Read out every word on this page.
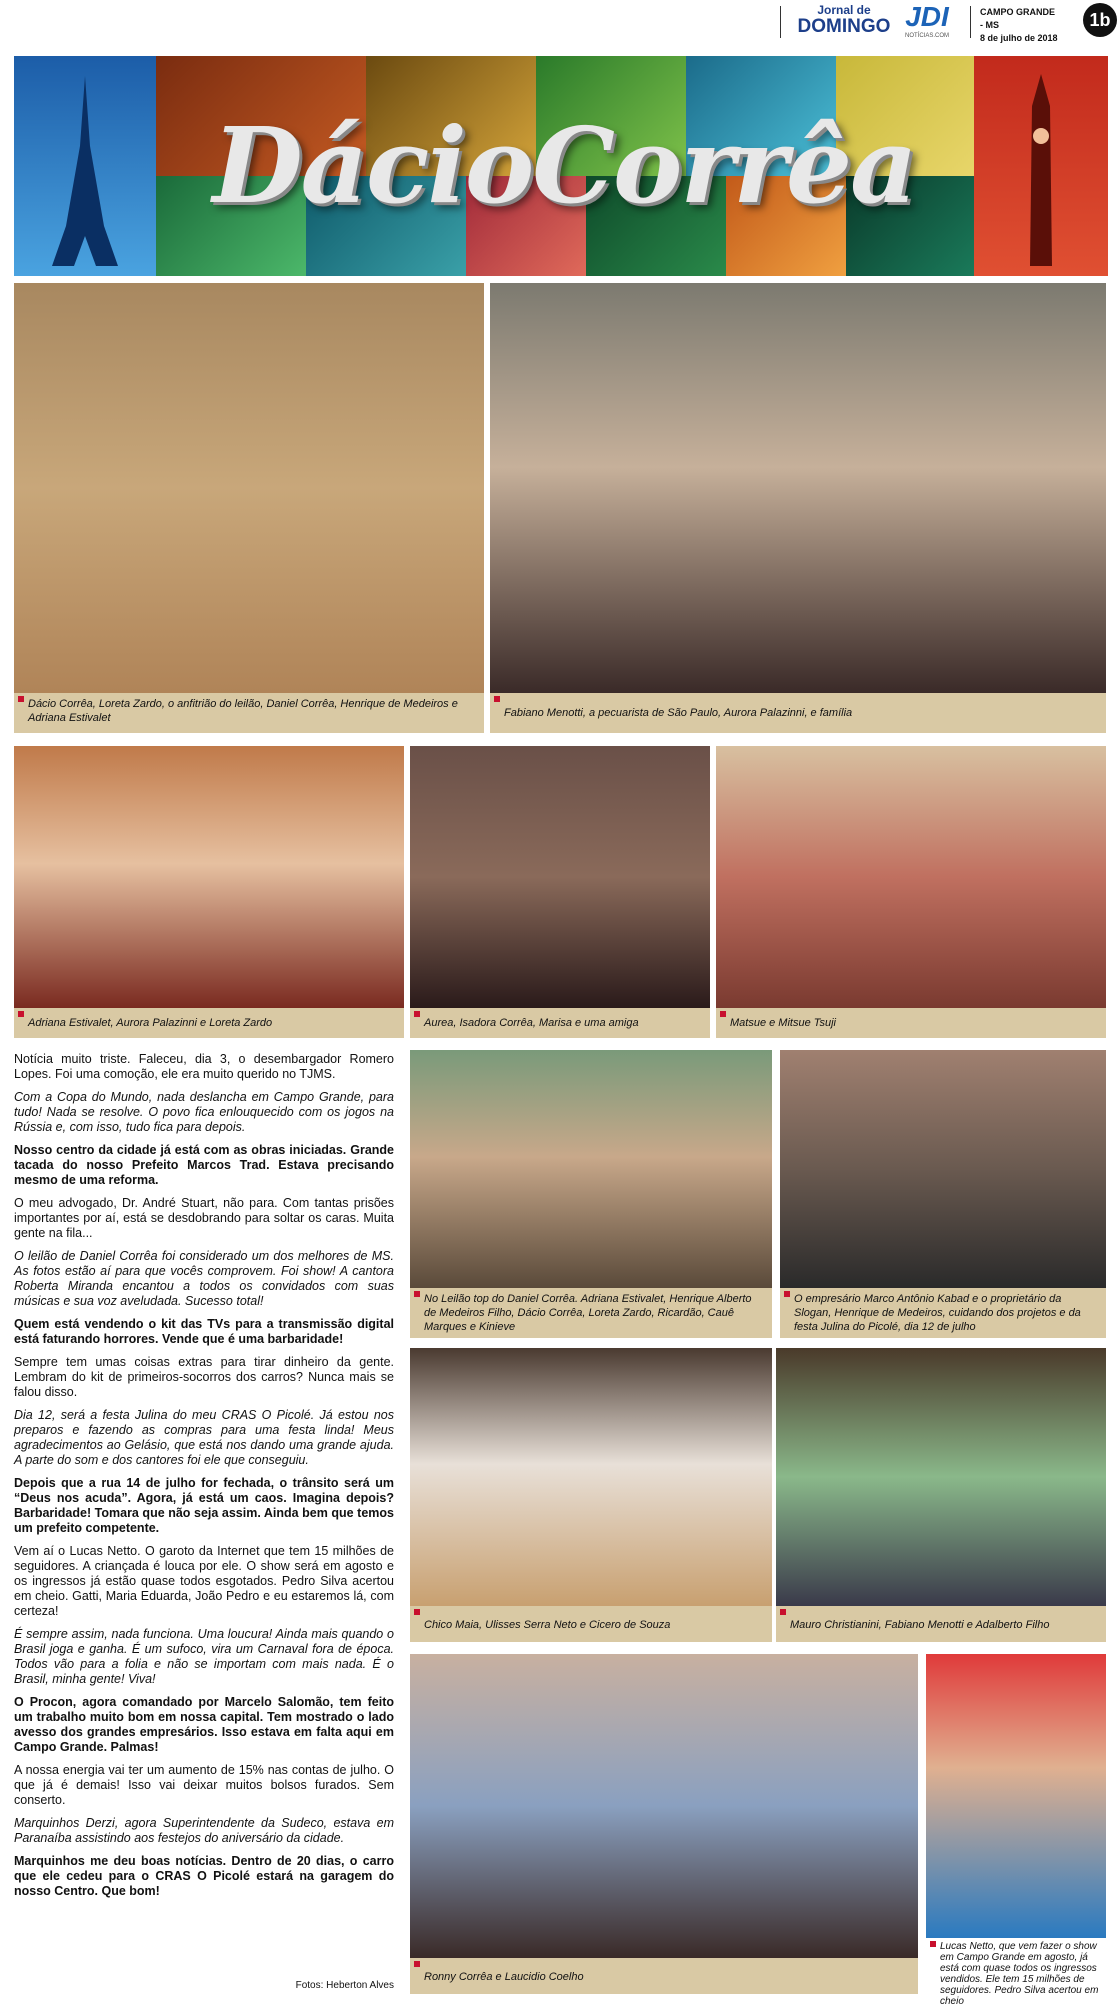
Jornal de
DOMINGO JDI
NOTÍCIAS.COM
CAMPO GRANDE - MS
8 de julho de 2018
1b
DácioCorrêa
Dácio Corrêa, Loreta Zardo, o anfitrião do leilão, Daniel Corrêa, Henrique de Medeiros e Adriana Estivalet	Fabiano Menotti, a pecuarista de São Paulo, Aurora Palazinni, e família
Adriana Estivalet, Aurora Palazinni e Loreta Zardo	Aurea, Isadora Corrêa, Marisa e uma amiga	Matsue e Mitsue Tsuji
No Leilão top do Daniel Corrêa. Adriana Estivalet, Henrique Alberto de Medeiros Filho, Dácio Corrêa, Loreta Zardo, Ricardão, Cauê Marques e Kinieve
O empresário Marco Antônio Kabad e o proprietário da Slogan, Henrique de Medeiros, cuidando dos projetos e da festa Julina do Picolé, dia 12 de julho
Chico Maia, Ulisses Serra Neto e Cicero de Souza	Mauro Christianini, Fabiano Menotti e Adalberto Filho
Ronny Corrêa e Laucidio Coelho
Lucas Netto, que vem fazer o show em Campo Grande em agosto, já está com quase todos os ingressos vendidos. Ele tem 15 milhões de seguidores. Pedro Silva acertou em cheio

Notícia muito triste. Faleceu, dia 3, o desembargador Romero Lopes. Foi uma comoção, ele era muito querido no TJMS.

Com a Copa do Mundo, nada deslancha em Campo Grande, para tudo! Nada se resolve. O povo fica enlouquecido com os jogos na Rússia e, com isso, tudo fica para depois.

Nosso centro da cidade já está com as obras iniciadas. Grande tacada do nosso Prefeito Marcos Trad. Estava precisando mesmo de uma reforma.

O meu advogado, Dr. André Stuart, não para. Com tantas prisões importantes por aí, está se desdobrando para soltar os caras. Muita gente na fila...

O leilão de Daniel Corrêa foi considerado um dos melhores de MS. As fotos estão aí para que vocês comprovem. Foi show! A cantora Roberta Miranda encantou a todos os convidados com suas músicas e sua voz aveludada. Sucesso total!

Quem está vendendo o kit das TVs para a transmissão digital está faturando horrores. Vende que é uma barbaridade!

Sempre tem umas coisas extras para tirar dinheiro da gente. Lembram do kit de primeiros-socorros dos carros? Nunca mais se falou disso.

Dia 12, será a festa Julina do meu CRAS O Picolé. Já estou nos preparos e fazendo as compras para uma festa linda! Meus agradecimentos ao Gelásio, que está nos dando uma grande ajuda. A parte do som e dos cantores foi ele que conseguiu.

Depois que a rua 14 de julho for fechada, o trânsito será um “Deus nos acuda”. Agora, já está um caos. Imagina depois? Barbaridade! Tomara que não seja assim. Ainda bem que temos um prefeito competente.

Vem aí o Lucas Netto. O garoto da Internet que tem 15 milhões de seguidores. A criançada é louca por ele. O show será em agosto e os ingressos já estão quase todos esgotados. Pedro Silva acertou em cheio. Gatti, Maria Eduarda, João Pedro e eu estaremos lá, com certeza!

É sempre assim, nada funciona. Uma loucura! Ainda mais quando o Brasil joga e ganha. É um sufoco, vira um Carnaval fora de época. Todos vão para a folia e não se importam com mais nada. É o Brasil, minha gente! Viva!

O Procon, agora comandado por Marcelo Salomão, tem feito um trabalho muito bom em nossa capital. Tem mostrado o lado avesso dos grandes empresários. Isso estava em falta aqui em Campo Grande. Palmas!

A nossa energia vai ter um aumento de 15% nas contas de julho. O que já é demais! Isso vai deixar muitos bolsos furados. Sem conserto.

Marquinhos Derzi, agora Superintendente da Sudeco, estava em Paranaíba assistindo aos festejos do aniversário da cidade.

Marquinhos me deu boas notícias. Dentro de 20 dias, o carro que ele cedeu para o CRAS O Picolé estará na garagem do nosso Centro. Que bom!

Fotos: Heberton Alves
